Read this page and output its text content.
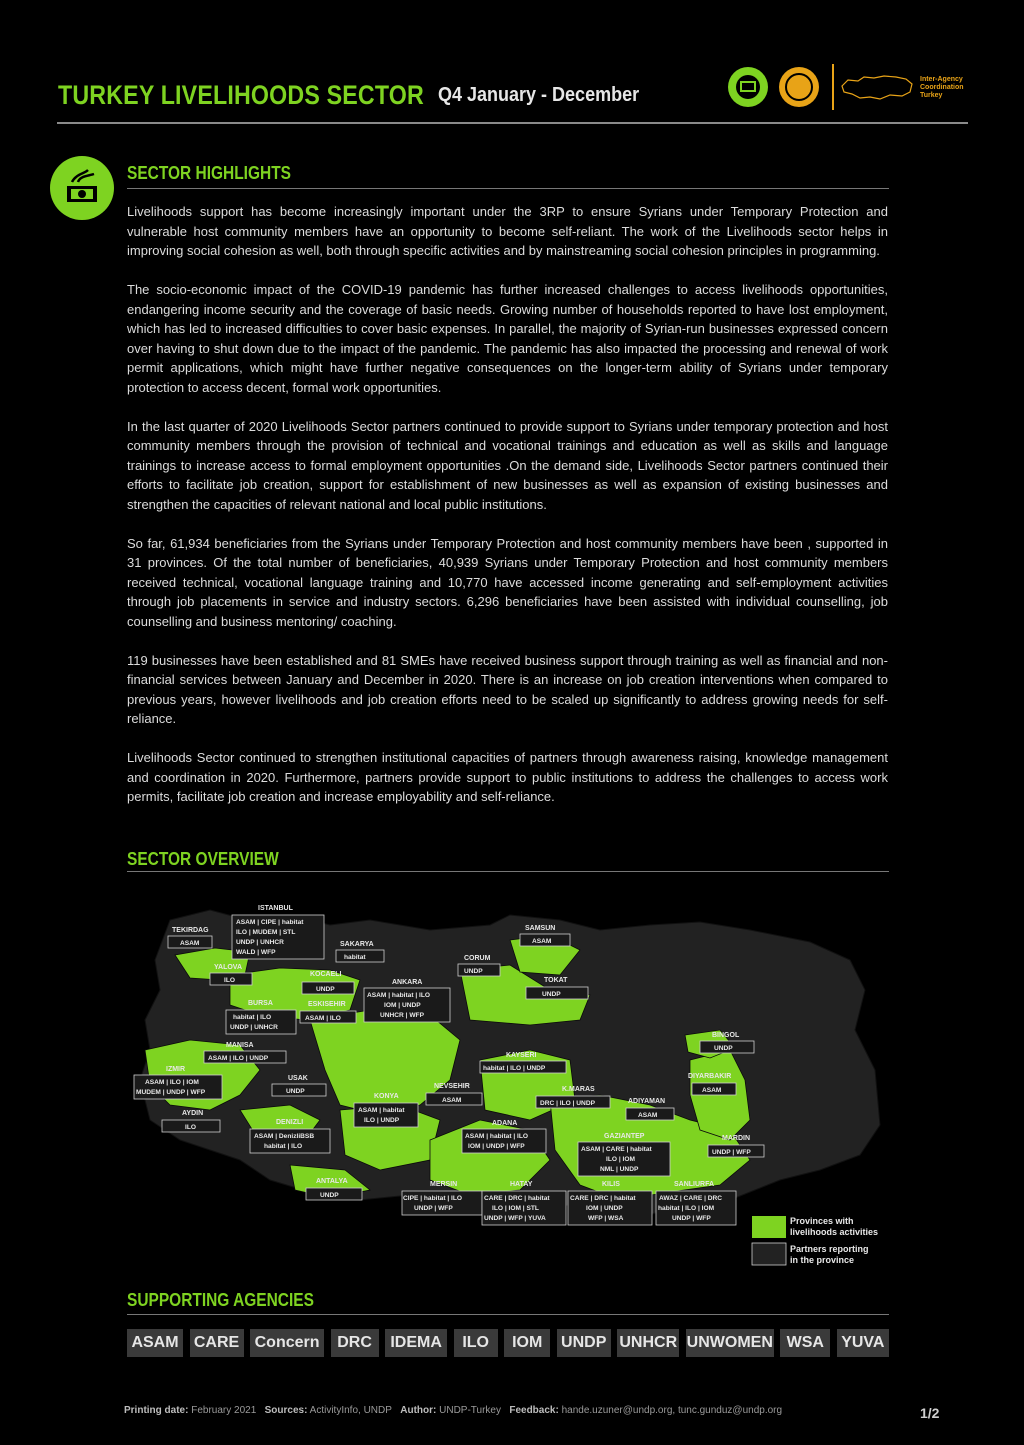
TURKEY LIVELIHOODS SECTOR Q4 January - December
Inter-Agency
Coordination
Turkey
SECTOR HIGHLIGHTS

Livelihoods support has become increasingly important under the 3RP to ensure Syrians under Temporary Protection and vulnerable host community members have an opportunity to become self-reliant. The work of the Livelihoods sector helps in improving social cohesion as well, both through specific activities and by mainstreaming social cohesion principles in programming.

The socio-economic impact of the COVID-19 pandemic has further increased challenges to access livelihoods opportunities, endangering income security and the coverage of basic needs. Growing number of households reported to have lost employment, which has led to increased difficulties to cover basic expenses. In parallel, the majority of Syrian-run businesses expressed concern over having to shut down due to the impact of the pandemic. The pandemic has also impacted the processing and renewal of work permit applications, which might have further negative consequences on the longer-term ability of Syrians under temporary protection to access decent, formal work opportunities.

In the last quarter of 2020 Livelihoods Sector partners continued to provide support to Syrians under temporary protection and host community members through the provision of technical and vocational trainings and education as well as skills and language trainings to increase access to formal employment opportunities .On the demand side, Livelihoods Sector partners continued their efforts to facilitate job creation, support for establishment of new businesses as well as expansion of existing businesses and strengthen the capacities of relevant national and local public institutions.

So far, 61,934 beneficiaries from the Syrians under Temporary Protection and host community members have been , supported in 31 provinces. Of the total number of beneficiaries, 40,939 Syrians under Temporary Protection and host community members received technical, vocational language training and 10,770 have accessed income generating and self-employment activities through job placements in service and industry sectors. 6,296 beneficiaries have been assisted with individual counselling, job counselling and business mentoring/ coaching.

119 businesses have been established and 81 SMEs have received business support through training as well as financial and non-financial services between January and December in 2020. There is an increase on job creation interventions when compared to previous years, however livelihoods and job creation efforts need to be scaled up significantly to address growing needs for self-reliance.

Livelihoods Sector continued to strengthen institutional capacities of partners through awareness raising, knowledge management and coordination in 2020. Furthermore, partners provide support to public institutions to address the challenges to access work permits, facilitate job creation and increase employability and self-reliance.

SECTOR OVERVIEW
ISTANBUL
ASAM | CIPE | habitat
ILO | MUDEM | STL
UNDP | UNHCR
WALD | WFP
TEKIRDAG
ASAM	SAKARYA
habitat
YALOVA
ILO
KOCAELI
UNDP
ESKISEHIR
ASAM | ILO
BURSA
habitat | ILO
UNDP | UNHCR
ANKARA
ASAM | habitat | ILO
IOM | UNDP
UNHCR | WFP
CORUM
UNDP
SAMSUN
ASAM
TOKAT
UNDP
MANISA
ASAM | ILO | UNDP
IZMIR
ASAM | ILO | IOM
MUDEM | UNDP | WFP
USAK
UNDP
AYDIN
ILO
DENIZLI
ASAM | DenizliBSB
habitat | ILO
KONYA
ASAM | habitat
ILO | UNDP
NEVSEHIR
ASAM
KAYSERI
habitat | ILO | UNDP
K.MARAS
DRC | ILO | UNDP
ADANA
ASAM | habitat | ILO
IOM | UNDP | WFP
ANTALYA
UNDP
MERSIN
CIPE | habitat | ILO
UNDP | WFP
HATAY
CARE | DRC | habitat
ILO | IOM | STL
UNDP | WFP | YUVA
KILIS
CARE | DRC | habitat
IOM | UNDP
WFP | WSA
GAZIANTEP
ASAM | CARE | habitat
ILO | IOM
NML | UNDP
ADIYAMAN
ASAM
SANLIURFA
AWAZ | CARE | DRC
habitat | ILO | IOM
UNDP | WFP
MARDIN
UNDP | WFP
DIYARBAKIR
ASAM
BINGOL
UNDP
Provinces with
livelihoods activities
Partners reporting
in the province
SUPPORTING AGENCIES
ASAM CARE Concern	DRC	IDEMA	ILO	IOM	UNDP UNHCR UNWOMEN WSA	YUVA
Printing date: February 2021 Sources: ActivityInfo, UNDP Author: UNDP-Turkey Feedback: hande.uzuner@undp.org, tunc.gunduz@undp.org	1/2
